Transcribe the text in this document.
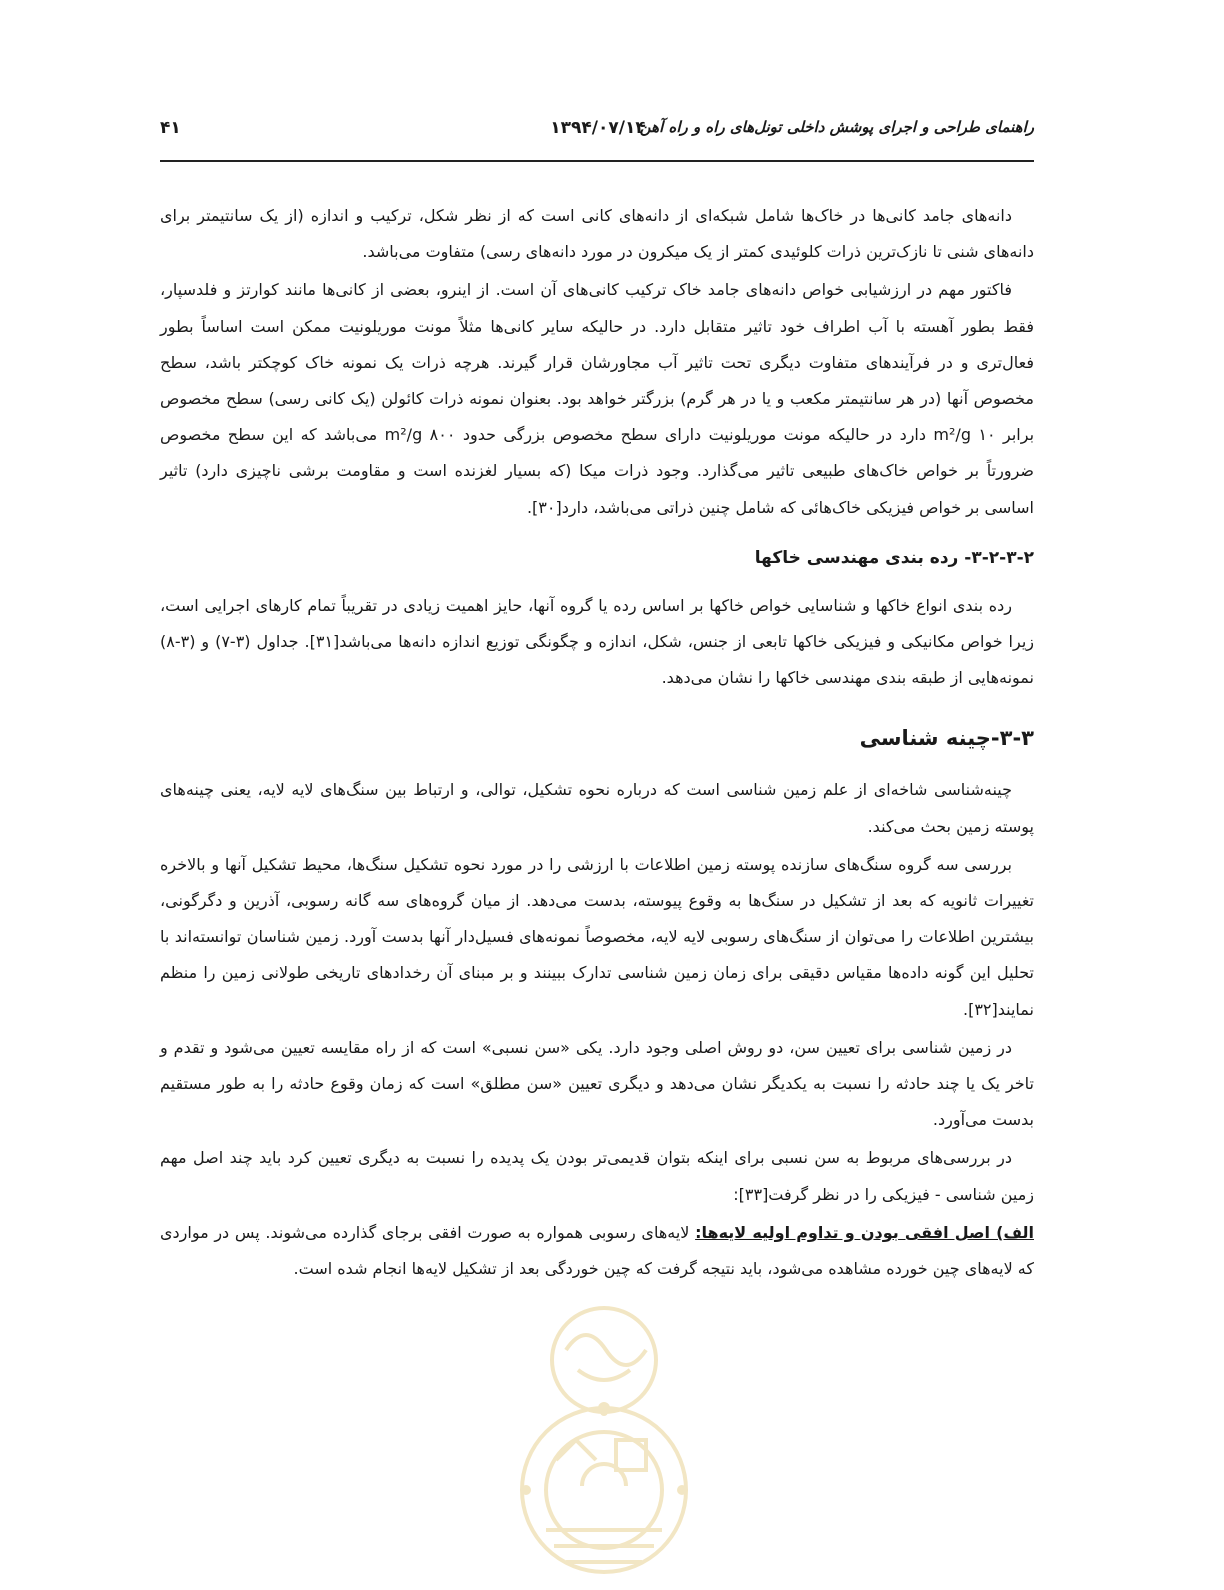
راهنمای طراحی و اجرای پوشش داخلی تونل‌های راه و راه آهن
۱۳۹۴/۰۷/۱۴
۴۱

دانه‌های جامد کانی‌ها در خاک‌ها شامل شبکه‌ای از دانه‌های کانی است که از نظر شکل، ترکیب و اندازه (از یک سانتیمتر برای دانه‌های شنی تا نازک‌ترین ذرات کلوئیدی کمتر از یک میکرون در مورد دانه‌های رسی) متفاوت می‌باشد.

فاکتور مهم در ارزشیابی خواص دانه‌های جامد خاک ترکیب کانی‌های آن است. از اینرو، بعضی از کانی‌ها مانند کوارتز و فلدسپار، فقط بطور آهسته با آب اطراف خود تاثیر متقابل دارد. در حالیکه سایر کانی‌ها مثلاً مونت موریلونیت ممکن است اساساً بطور فعال‌تری و در فرآیندهای متفاوت دیگری تحت تاثیر آب مجاورشان قرار گیرند. هرچه ذرات یک نمونه خاک کوچکتر باشد، سطح مخصوص آنها (در هر سانتیمتر مکعب و یا در هر گرم) بزرگتر خواهد بود. بعنوان نمونه ذرات کائولن (یک کانی رسی) سطح مخصوص برابر ۱۰ m²/g دارد در حالیکه مونت موریلونیت دارای سطح مخصوص بزرگی حدود ۸۰۰ m²/g می‌باشد که این سطح مخصوص ضرورتاً بر خواص خاک‌های طبیعی تاثیر می‌گذارد. وجود ذرات میکا (که بسیار لغزنده است و مقاومت برشی ناچیزی دارد) تاثیر اساسی بر خواص فیزیکی خاک‌هائی که شامل چنین ذراتی می‌باشد، دارد[۳۰].

۳-۲-۳-۲- رده بندی مهندسی خاکها

رده بندی انواع خاکها و شناسایی خواص خاکها بر اساس رده یا گروه آنها، حایز اهمیت زیادی در تقریباً تمام کارهای اجرایی است، زیرا خواص مکانیکی و فیزیکی خاکها تابعی از جنس، شکل، اندازه و چگونگی توزیع اندازه دانه‌ها می‌باشد[۳۱]. جداول (۳-۷) و (۳-۸) نمونه‌هایی از طبقه بندی مهندسی خاکها را نشان می‌دهد.

۳-۳-چینه شناسی

چینه‌شناسی شاخه‌ای از علم زمین شناسی است که درباره نحوه تشکیل، توالی، و ارتباط بین سنگ‌های لایه لایه، یعنی چینه‌های پوسته زمین بحث می‌کند.

بررسی سه گروه سنگ‌های سازنده پوسته زمین اطلاعات با ارزشی را در مورد نحوه تشکیل سنگ‌ها، محیط تشکیل آنها و بالاخره تغییرات ثانویه که بعد از تشکیل در سنگ‌ها به وقوع پیوسته، بدست می‌دهد. از میان گروه‌های سه گانه رسوبی، آذرین و دگرگونی، بیشترین اطلاعات را می‌توان از سنگ‌های رسوبی لایه لایه، مخصوصاً نمونه‌های فسیل‌دار آنها بدست آورد. زمین شناسان توانسته‌اند با تحلیل این گونه داده‌ها مقیاس دقیقی برای زمان زمین شناسی تدارک ببینند و بر مبنای آن رخدادهای تاریخی طولانی زمین را منظم نمایند[۳۲].

در زمین شناسی برای تعیین سن، دو روش اصلی وجود دارد. یکی «سن نسبی» است که از راه مقایسه تعیین می‌شود و تقدم و تاخر یک یا چند حادثه را نسبت به یکدیگر نشان می‌دهد و دیگری تعیین «سن مطلق» است که زمان وقوع حادثه را به طور مستقیم بدست می‌آورد.

در بررسی‌های مربوط به سن نسبی برای اینکه بتوان قدیمی‌تر بودن یک پدیده را نسبت به دیگری تعیین کرد باید چند اصل مهم زمین شناسی - فیزیکی را در نظر گرفت[۳۳]:

الف) اصل افقی بودن و تداوم اولیه لایه‌ها: لایه‌های رسوبی همواره به صورت افقی برجای گذارده می‌شوند. پس در مواردی که لایه‌های چین خورده مشاهده می‌شود، باید نتیجه گرفت که چین خوردگی بعد از تشکیل لایه‌ها انجام شده است.
